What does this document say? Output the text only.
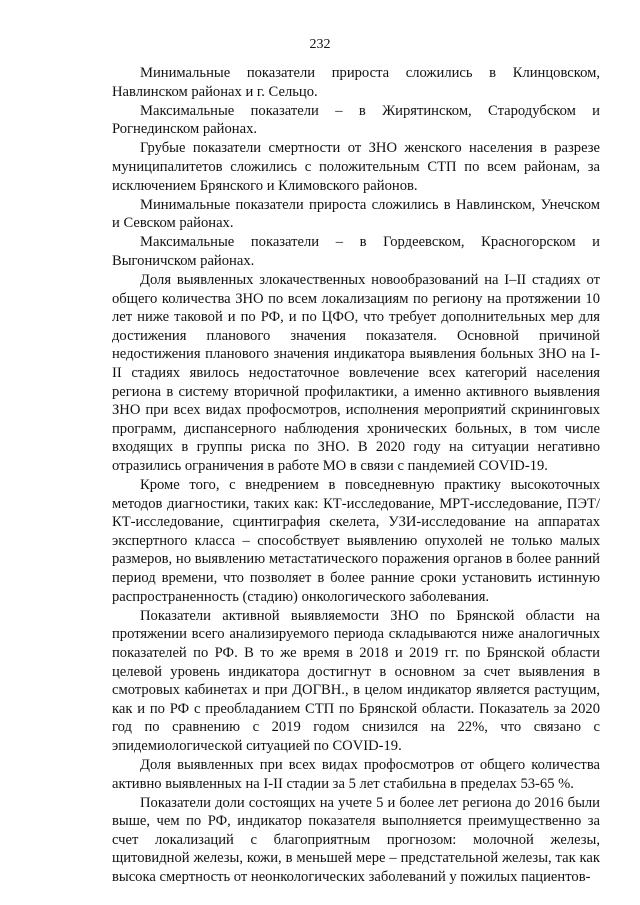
232

Минимальные показатели прироста сложились в Клинцовском, Навлинском районах и г. Сельцо.

Максимальные показатели – в Жирятинском, Стародубском и Рогнединском районах.

Грубые показатели смертности от ЗНО женского населения в разрезе муниципалитетов сложились с положительным СТП по всем районам, за исключением Брянского и Климовского районов.

Минимальные показатели прироста сложились в Навлинском, Унечском и Севском районах.

Максимальные показатели – в Гордеевском, Красногорском и Выгоничском районах.

Доля выявленных злокачественных новообразований на I–II стадиях от общего количества ЗНО по всем локализациям по региону на протяжении 10 лет ниже таковой и по РФ, и по ЦФО, что требует дополнительных мер для достижения планового значения показателя. Основной причиной недостижения планового значения индикатора выявления больных ЗНО на I-II стадиях явилось недостаточное вовлечение всех категорий населения региона в систему вторичной профилактики, а именно активного выявления ЗНО при всех видах профосмотров, исполнения мероприятий скрининговых программ, диспансерного наблюдения хронических больных, в том числе входящих в группы риска по ЗНО. В 2020 году на ситуации негативно отразились ограничения в работе МО в связи с пандемией COVID-19.

Кроме того, с внедрением в повседневную практику высокоточных методов диагностики, таких как: КТ-исследование, МРТ-исследование, ПЭТ/КТ-исследование, сцинтиграфия скелета, УЗИ-исследование на аппаратах экспертного класса – способствует выявлению опухолей не только малых размеров, но выявлению метастатического поражения органов в более ранний период времени, что позволяет в более ранние сроки установить истинную распространенность (стадию) онкологического заболевания.

Показатели активной выявляемости ЗНО по Брянской области на протяжении всего анализируемого периода складываются ниже аналогичных показателей по РФ. В то же время в 2018 и 2019 гг. по Брянской области целевой уровень индикатора достигнут в основном за счет выявления в смотровых кабинетах и при ДОГВН., в целом индикатор является растущим, как и по РФ с преобладанием СТП по Брянской области. Показатель за 2020 год по сравнению с 2019 годом снизился на 22%, что связано с эпидемиологической ситуацией по COVID-19.

Доля выявленных при всех видах профосмотров от общего количества активно выявленных на I-II стадии за 5 лет стабильна в пределах 53-65 %.

Показатели доли состоящих на учете 5 и более лет региона до 2016 были выше, чем по РФ, индикатор показателя выполняется преимущественно за счет локализаций с благоприятным прогнозом: молочной железы, щитовидной железы, кожи, в меньшей мере – предстательной железы, так как высока смертность от неонкологических заболеваний у пожилых пациентов-
